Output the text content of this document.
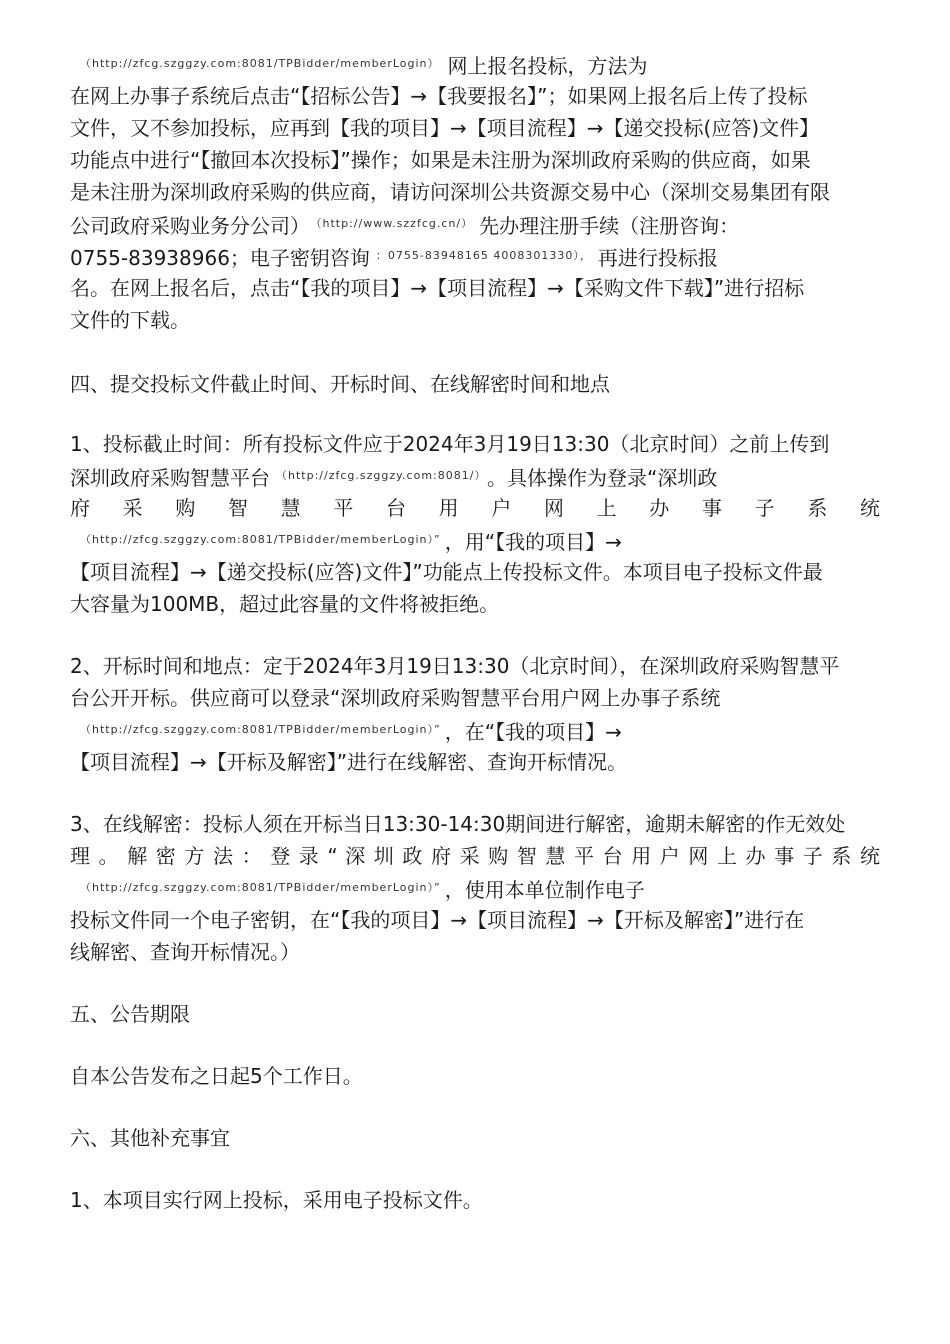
$^{(http://zfcg.szggzy.com:8081/TPBidder/memberLogin)}$ 网上报名投标，方法为
在网上办事子系统后点击“【招标公告】→【我要报名】”；如果网上报名后上传了投标
文件，又不参加投标，应再到【我的项目】→【项目流程】→【递交投标(应答)文件】
功能点中进行“【撤回本次投标】”操作；如果是未注册为深圳政府采购的供应商，如果
是未注册为深圳政府采购的供应商，请访问深圳公共资源交易中心（深圳交易集团有限
公司政府采购业务分公司） $^{(http://www.szzfcg.cn/)}$ 先办理注册手续（注册咨询：
0755-83938966；电子密钥咨询 $^{:0755-83948165 4008301330),}$ 再进行投标报
名。在网上报名后，点击“【我的项目】→【项目流程】→【采购文件下载】”进行招标
文件的下载。
四、提交投标文件截止时间、开标时间、在线解密时间和地点
1、投标截止时间：所有投标文件应于2024年3月19日13:30（北京时间）之前上传到
深圳政府采购智慧平台 $^{(http://zfcg.szggzy.com:8081/)}$ 。具体操作为登录“深圳政
府 采 购 智 慧 平 台 用 户 网 上 办 事 子 系 统
$^{(http://zfcg.szggzy.com:8081/TPBidder/memberLogin)”}$ ，用“【我的项目】→
【项目流程】→【递交投标(应答)文件】”功能点上传投标文件。本项目电子投标文件最
大容量为100MB，超过此容量的文件将被拒绝。
2、开标时间和地点：定于2024年3月19日13:30（北京时间），在深圳政府采购智慧平
台公开开标。供应商可以登录“深圳政府采购智慧平台用户网上办事子系统
$^{(http://zfcg.szggzy.com:8081/TPBidder/memberLogin)”}$ ，在“【我的项目】→
【项目流程】→【开标及解密】”进行在线解密、查询开标情况。
3、在线解密：投标人须在开标当日13:30-14:30期间进行解密，逾期未解密的作无效处
理 。 解 密 方 法 ： 登 录 “ 深 圳 政 府 采 购 智 慧 平 台 用 户 网 上 办 事 子 系 统
$^{(http://zfcg.szggzy.com:8081/TPBidder/memberLogin)”}$ ，使用本单位制作电子
投标文件同一个电子密钥，在“【我的项目】→【项目流程】→【开标及解密】”进行在
线解密、查询开标情况。）
五、公告期限
自本公告发布之日起5个工作日。
六、其他补充事宜
1、本项目实行网上投标，采用电子投标文件。
